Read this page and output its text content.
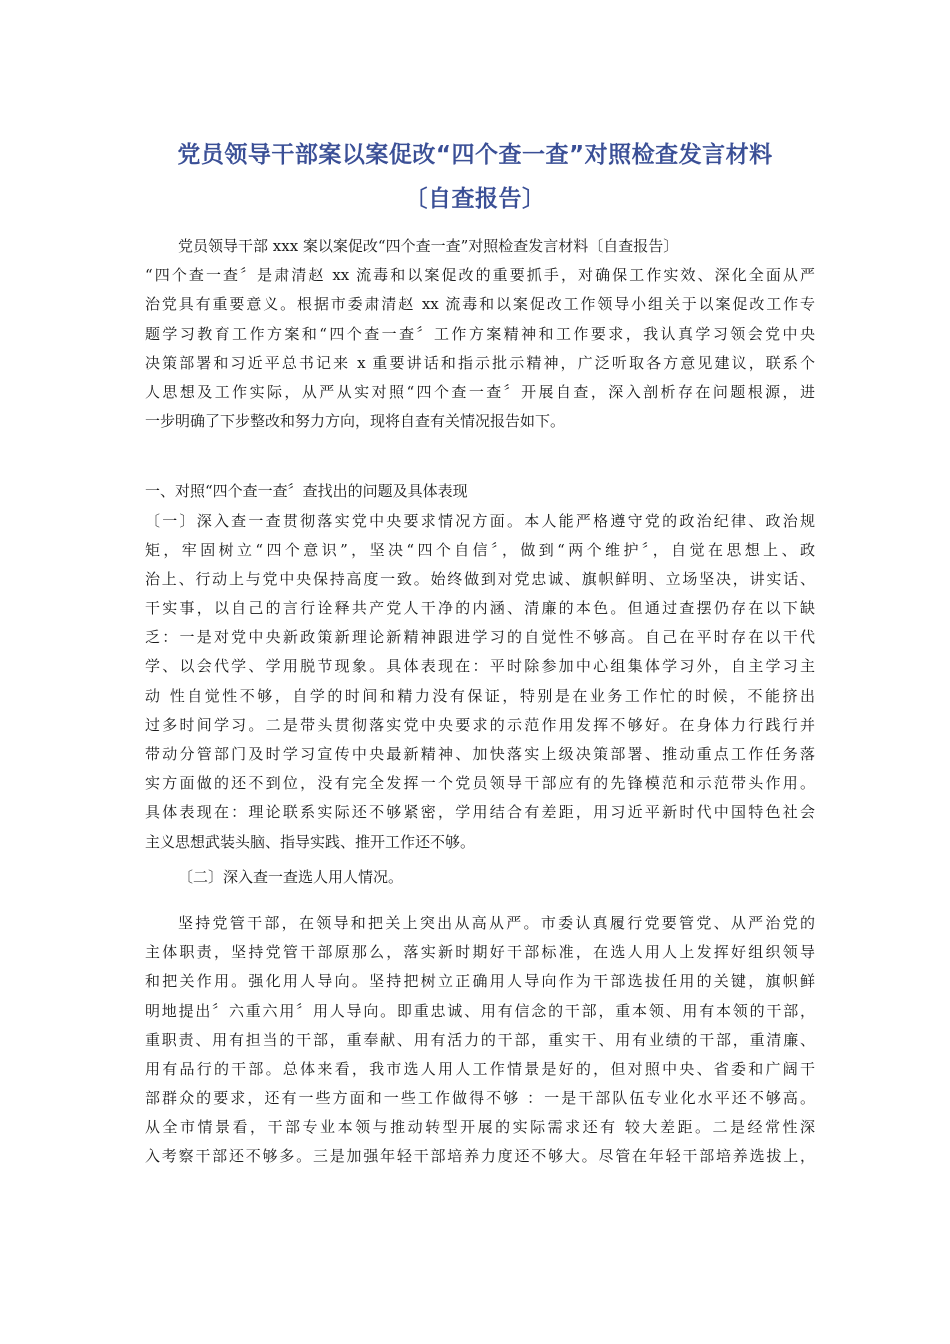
党员领导干部案以案促改“四个查一查”对照检查发言材料
〔自查报告〕
党员领导干部 xxx 案以案促改“四个查一查”对照检查发言材料〔自查报告〕
“四个查一查〞是肃清赵 xx 流毒和以案促改的重要抓手，对确保工作实效、深化全面从严
治党具有重要意义。根据市委肃清赵 xx 流毒和以案促改工作领导小组关于以案促改工作专
题学习教育工作方案和“四个查一查〞工作方案精神和工作要求，我认真学习领会党中央
决策部署和习近平总书记来 x 重要讲话和指示批示精神，广泛听取各方意见建议，联系个
人思想及工作实际，从严从实对照“四个查一查〞开展自查，深入剖析存在问题根源，进
一步明确了下步整改和努力方向，现将自查有关情况报告如下。
一、对照“四个查一查〞查找出的问题及具体表现
〔一〕深入查一查贯彻落实党中央要求情况方面。本人能严格遵守党的政治纪律、政治规
矩，牢固树立“四个意识”，坚决“四个自信〞，做到“两个维护〞，自觉在思想上、政
治上、行动上与党中央保持高度一致。始终做到对党忠诚、旗帜鲜明、立场坚决，讲实话、
干实事，以自己的言行诠释共产党人干净的内涵、清廉的本色。但通过查摆仍存在以下缺
乏：一是对党中央新政策新理论新精神跟进学习的自觉性不够高。自己在平时存在以干代
学、以会代学、学用脱节现象。具体表现在：平时除参加中心组集体学习外，自主学习主
动 性自觉性不够，自学的时间和精力没有保证，特别是在业务工作忙的时候，不能挤出
过多时间学习。二是带头贯彻落实党中央要求的示范作用发挥不够好。在身体力行践行并
带动分管部门及时学习宣传中央最新精神、加快落实上级决策部署、推动重点工作任务落
实方面做的还不到位，没有完全发挥一个党员领导干部应有的先锋模范和示范带头作用。
具体表现在：理论联系实际还不够紧密，学用结合有差距，用习近平新时代中国特色社会
主义思想武装头脑、指导实践、推开工作还不够。
〔二〕深入查一查选人用人情况。
坚持党管干部，在领导和把关上突出从高从严。市委认真履行党要管党、从严治党的
主体职责，坚持党管干部原那么，落实新时期好干部标准，在选人用人上发挥好组织领导
和把关作用。强化用人导向。坚持把树立正确用人导向作为干部选拔任用的关键，旗帜鲜
明地提出〞六重六用〞用人导向。即重忠诚、用有信念的干部，重本领、用有本领的干部，
重职责、用有担当的干部，重奉献、用有活力的干部，重实干、用有业绩的干部，重清廉、
用有品行的干部。总体来看，我市选人用人工作情景是好的，但对照中央、省委和广阔干
部群众的要求，还有一些方面和一些工作做得不够 ：一是干部队伍专业化水平还不够高。
从全市情景看，干部专业本领与推动转型开展的实际需求还有 较大差距。二是经常性深
入考察干部还不够多。三是加强年轻干部培养力度还不够大。尽管在年轻干部培养选拔上，
